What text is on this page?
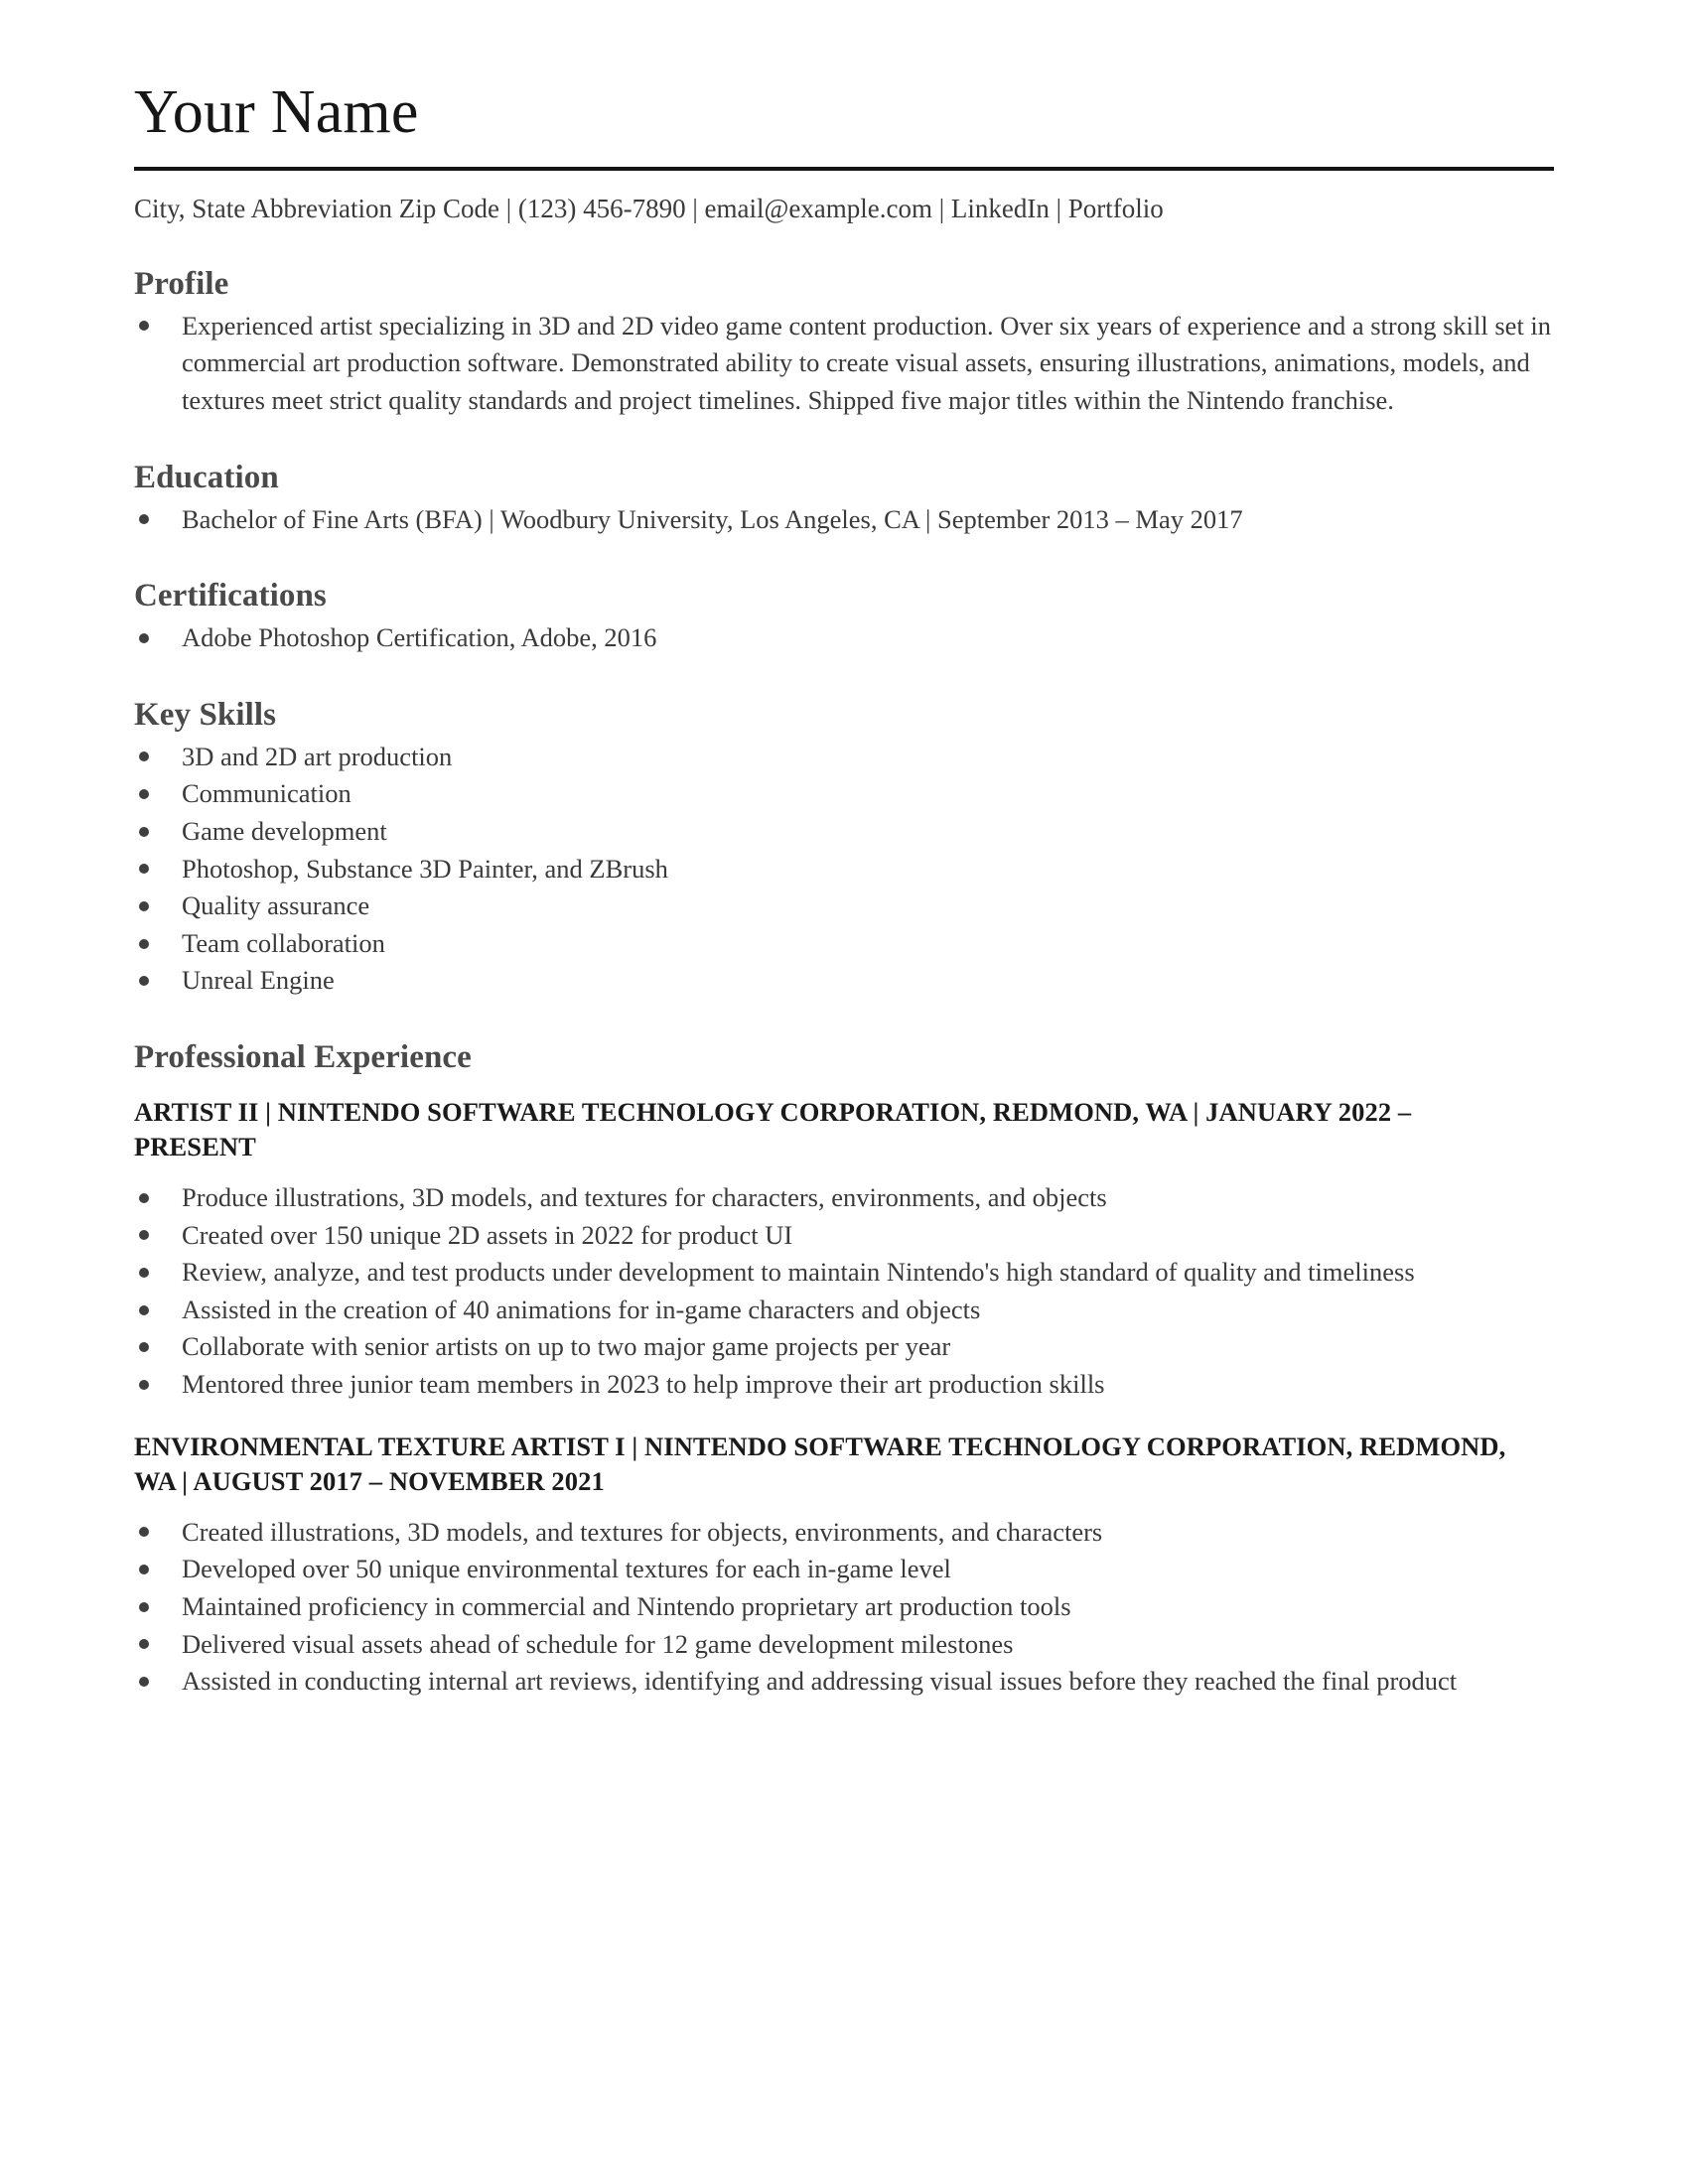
Your Name
City, State Abbreviation Zip Code | (123) 456-7890 | email@example.com | LinkedIn | Portfolio
Profile
Experienced artist specializing in 3D and 2D video game content production. Over six years of experience and a strong skill set in commercial art production software. Demonstrated ability to create visual assets, ensuring illustrations, animations, models, and textures meet strict quality standards and project timelines. Shipped five major titles within the Nintendo franchise.
Education
Bachelor of Fine Arts (BFA) | Woodbury University, Los Angeles, CA | September 2013 – May 2017
Certifications
Adobe Photoshop Certification, Adobe, 2016
Key Skills
3D and 2D art production
Communication
Game development
Photoshop, Substance 3D Painter, and ZBrush
Quality assurance
Team collaboration
Unreal Engine
Professional Experience
ARTIST II | NINTENDO SOFTWARE TECHNOLOGY CORPORATION, REDMOND, WA | JANUARY 2022 – PRESENT
Produce illustrations, 3D models, and textures for characters, environments, and objects
Created over 150 unique 2D assets in 2022 for product UI
Review, analyze, and test products under development to maintain Nintendo's high standard of quality and timeliness
Assisted in the creation of 40 animations for in-game characters and objects
Collaborate with senior artists on up to two major game projects per year
Mentored three junior team members in 2023 to help improve their art production skills
ENVIRONMENTAL TEXTURE ARTIST I | NINTENDO SOFTWARE TECHNOLOGY CORPORATION, REDMOND, WA | AUGUST 2017 – NOVEMBER 2021
Created illustrations, 3D models, and textures for objects, environments, and characters
Developed over 50 unique environmental textures for each in-game level
Maintained proficiency in commercial and Nintendo proprietary art production tools
Delivered visual assets ahead of schedule for 12 game development milestones
Assisted in conducting internal art reviews, identifying and addressing visual issues before they reached the final product
